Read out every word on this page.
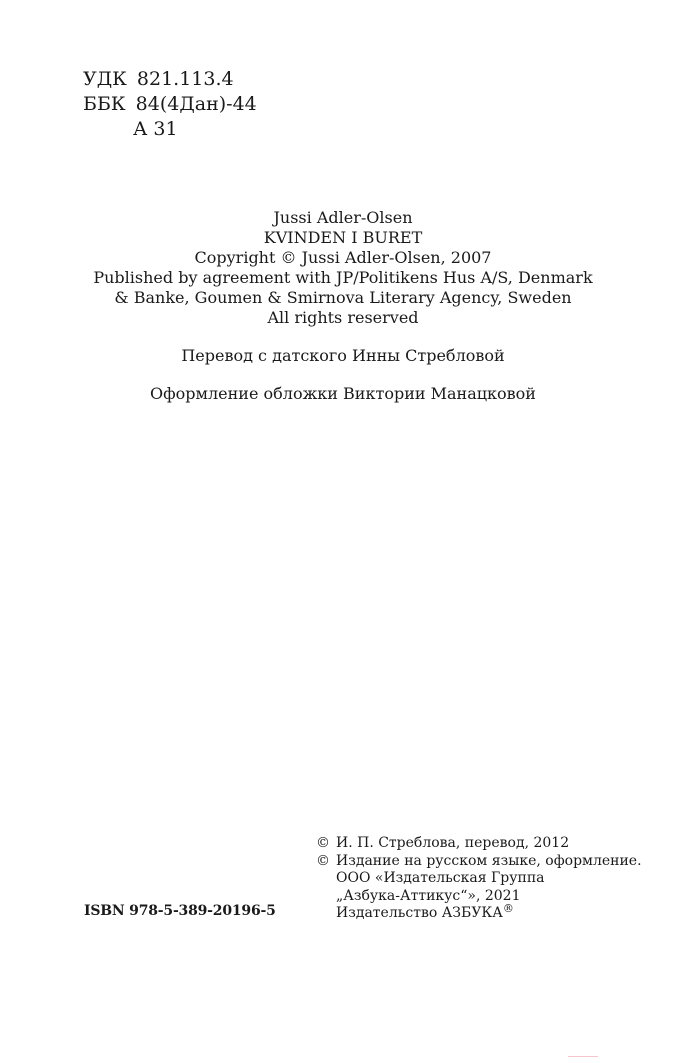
УДК 821.113.4
ББК 84(4Дан)-44
А 31
Jussi Adler-Olsen
KVINDEN I BURET
Copyright © Jussi Adler-Olsen, 2007
Published by agreement with JP/Politikens Hus A/S, Denmark
& Banke, Goumen & Smirnova Literary Agency, Sweden
All rights reserved
Перевод с датского Инны Стребловой
Оформление обложки Виктории Манацковой
© И. П. Стреблова, перевод, 2012
© Издание на русском языке, оформление.
ООО «Издательская Группа
„Азбука-Аттикус“», 2021
Издательство АЗБУКА®
ISBN 978-5-389-20196-5
